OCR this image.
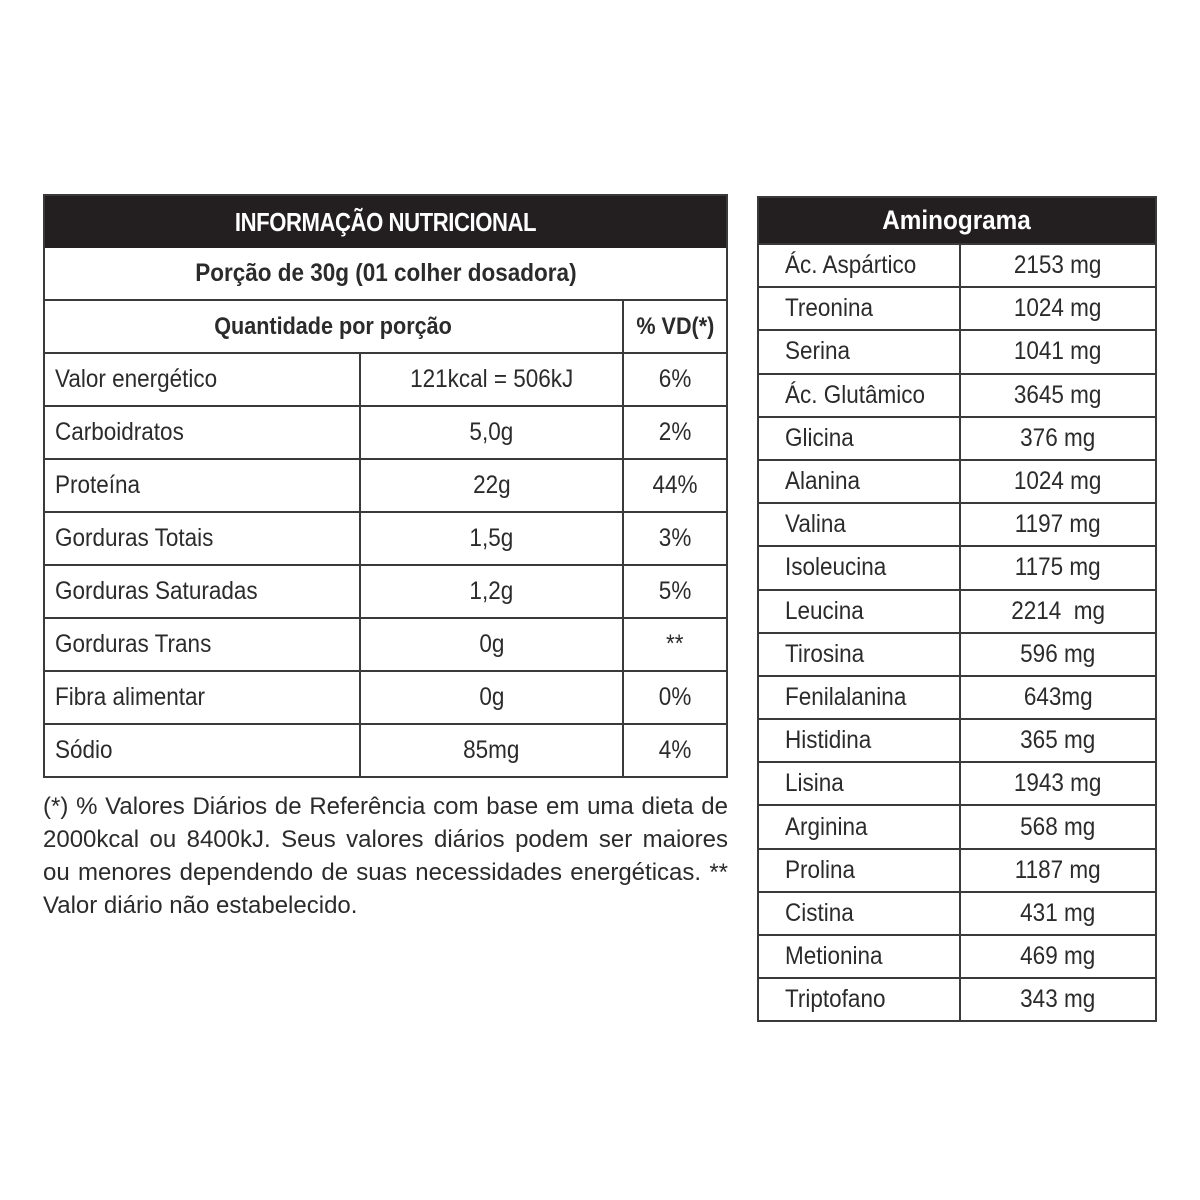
INFORMAÇÃO NUTRICIONAL
Porção de 30g (01 colher dosadora)
Quantidade por porção	% VD(*)
Valor energético	121kcal = 506kJ	6%
Carboidratos	5,0g	2%
Proteína	22g	44%
Gorduras Totais	1,5g	3%
Gorduras Saturadas	1,2g	5%
Gorduras Trans	0g	**
Fibra alimentar	0g	0%
Sódio	85mg	4%
(*) % Valores Diários de Referência com base em uma dieta de 2000kcal ou 8400kJ. Seus valores diários podem ser maiores ou menores dependendo de suas necessidades energéticas. ** Valor diário não estabelecido.
Aminograma
Ác. Aspártico	2153 mg
Treonina	1024 mg
Serina	1041 mg
Ác. Glutâmico	3645 mg
Glicina	376 mg
Alanina	1024 mg
Valina	1197 mg
Isoleucina	1175 mg
Leucina	2214  mg
Tirosina	596 mg
Fenilalanina	643mg
Histidina	365 mg
Lisina	1943 mg
Arginina	568 mg
Prolina	1187 mg
Cistina	431 mg
Metionina	469 mg
Triptofano	343 mg
